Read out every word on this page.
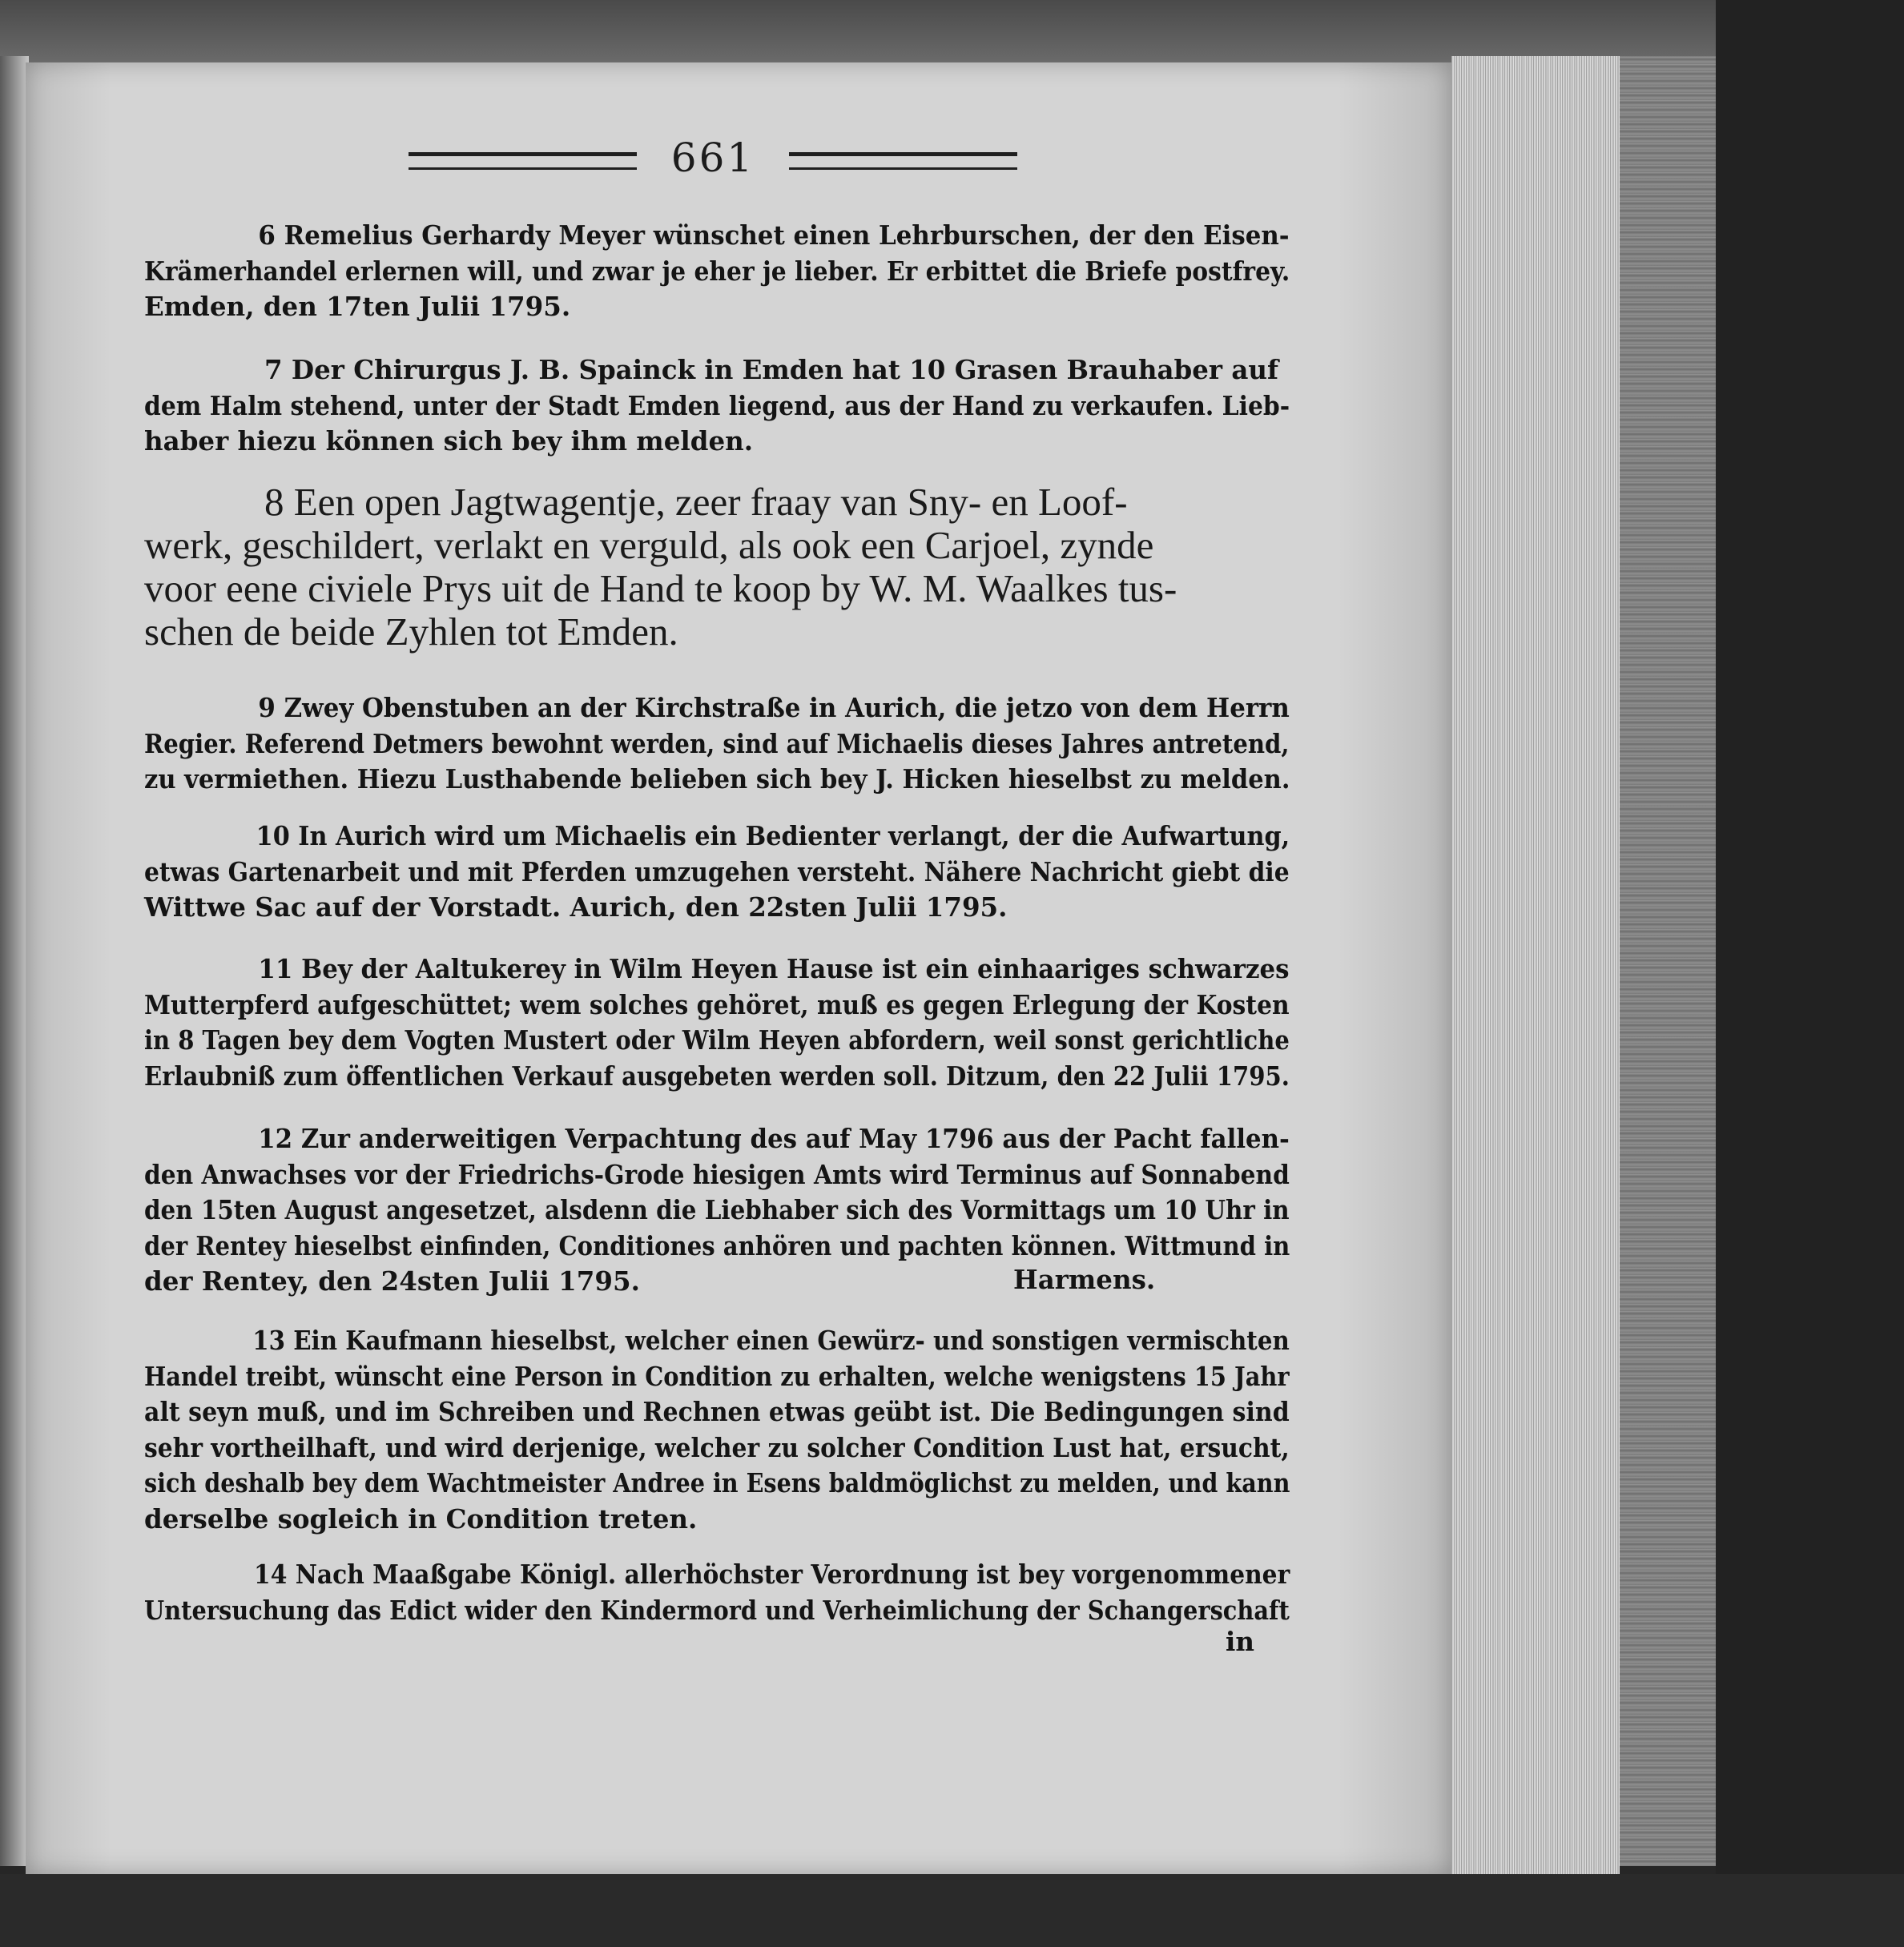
661
6 Remelius Gerhardy Meyer wünschet einen Lehrburschen, der den Eisen-
Krämerhandel erlernen will, und zwar je eher je lieber. Er erbittet die Briefe postfrey.
Emden, den 17ten Julii 1795.
7 Der Chirurgus J. B. Spainck in Emden hat 10 Grasen Brauhaber auf
dem Halm stehend, unter der Stadt Emden liegend, aus der Hand zu verkaufen. Lieb-
haber hiezu können sich bey ihm melden.
8 Een open Jagtwagentje, zeer fraay van Sny- en Loof-
werk, geschildert, verlakt en verguld, als ook een Carjoel, zynde
voor eene civiele Prys uit de Hand te koop by W. M. Waalkes tus-
schen de beide Zyhlen tot Emden.
9 Zwey Obenstuben an der Kirchstraße in Aurich, die jetzo von dem Herrn
Regier. Referend Detmers bewohnt werden, sind auf Michaelis dieses Jahres antretend,
zu vermiethen. Hiezu Lusthabende belieben sich bey J. Hicken hieselbst zu melden.
10 In Aurich wird um Michaelis ein Bedienter verlangt, der die Aufwartung,
etwas Gartenarbeit und mit Pferden umzugehen versteht. Nähere Nachricht giebt die
Wittwe Sac auf der Vorstadt. Aurich, den 22sten Julii 1795.
11 Bey der Aaltukerey in Wilm Heyen Hause ist ein einhaariges schwarzes
Mutterpferd aufgeschüttet; wem solches gehöret, muß es gegen Erlegung der Kosten
in 8 Tagen bey dem Vogten Mustert oder Wilm Heyen abfordern, weil sonst gerichtliche
Erlaubniß zum öffentlichen Verkauf ausgebeten werden soll. Ditzum, den 22 Julii 1795.
12 Zur anderweitigen Verpachtung des auf May 1796 aus der Pacht fallen-
den Anwachses vor der Friedrichs-Grode hiesigen Amts wird Terminus auf Sonnabend
den 15ten August angesetzet, alsdenn die Liebhaber sich des Vormittags um 10 Uhr in
der Rentey hieselbst einfinden, Conditiones anhören und pachten können. Wittmund in
der Rentey, den 24sten Julii 1795.	Harmens.
13 Ein Kaufmann hieselbst, welcher einen Gewürz- und sonstigen vermischten
Handel treibt, wünscht eine Person in Condition zu erhalten, welche wenigstens 15 Jahr
alt seyn muß, und im Schreiben und Rechnen etwas geübt ist. Die Bedingungen sind
sehr vortheilhaft, und wird derjenige, welcher zu solcher Condition Lust hat, ersucht,
sich deshalb bey dem Wachtmeister Andree in Esens baldmöglichst zu melden, und kann
derselbe sogleich in Condition treten.
14 Nach Maaßgabe Königl. allerhöchster Verordnung ist bey vorgenommener
Untersuchung das Edict wider den Kindermord und Verheimlichung der Schangerschaft
in
